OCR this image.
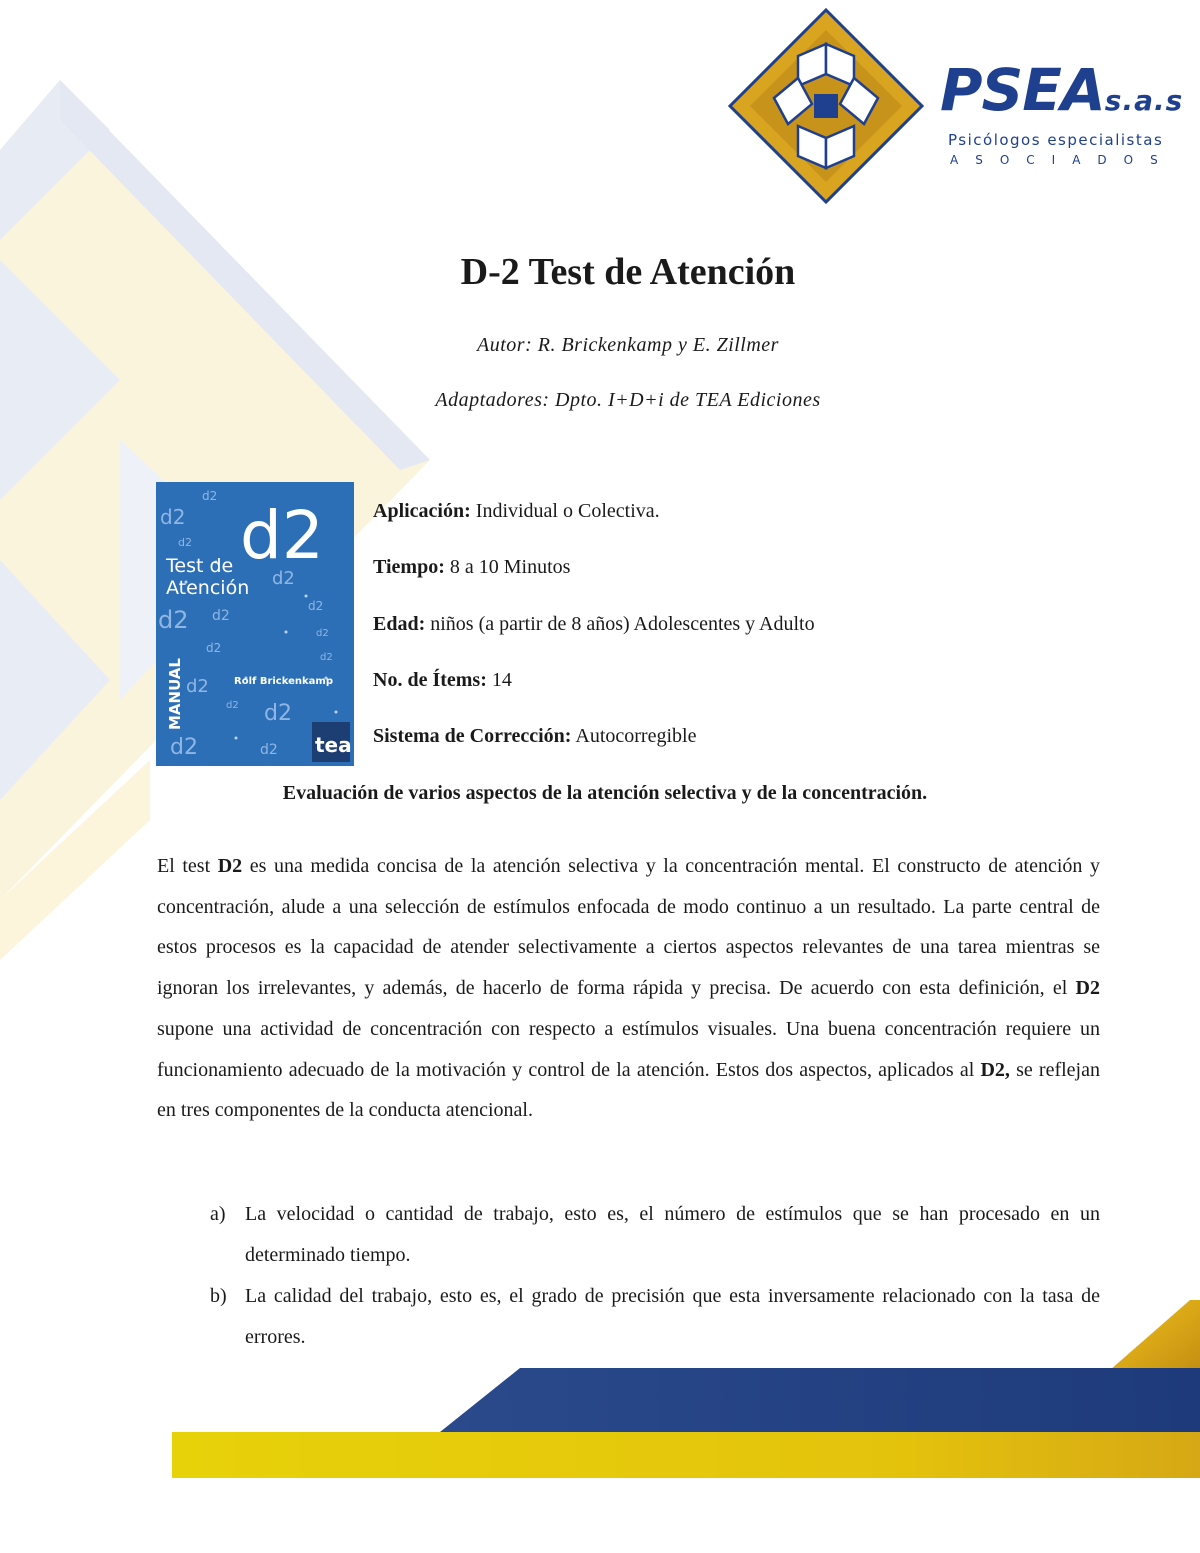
PSEAs.a.s
Psicólogos especialistas
ASOCIADOS
D-2 Test de Atención
Autor: R. Brickenkamp y E. Zillmer
Adaptadores: Dpto. I+D+i de TEA Ediciones
d2
d2
d2
d2
d2
d2 d2
d2
d2
d2
d2
d2
d2
d2	d2
d2
Test de
Atención
MANUAL	Rolf Brickenkamp
tea
Aplicación: Individual o Colectiva.
Tiempo: 8 a 10 Minutos
Edad: niños (a partir de 8 años) Adolescentes y Adulto
No. de Ítems: 14
Sistema de Corrección: Autocorregible
Evaluación de varios aspectos de la atención selectiva y de la concentración.

El test D2 es una medida concisa de la atención selectiva y la concentración mental. El constructo de atención y concentración, alude a una selección de estímulos enfocada de modo continuo a un resultado. La parte central de estos procesos es la capacidad de atender selectivamente a ciertos aspectos relevantes de una tarea mientras se ignoran los irrelevantes, y además, de hacerlo de forma rápida y precisa. De acuerdo con esta definición, el D2 supone una actividad de concentración con respecto a estímulos visuales. Una buena concentración requiere un funcionamiento adecuado de la motivación y control de la atención. Estos dos aspectos, aplicados al D2, se reflejan en tres componentes de la conducta atencional.

a) La velocidad o cantidad de trabajo, esto es, el número de estímulos que se han procesado en un determinado tiempo.
b) La calidad del trabajo, esto es, el grado de precisión que esta inversamente relacionado con la tasa de errores.
